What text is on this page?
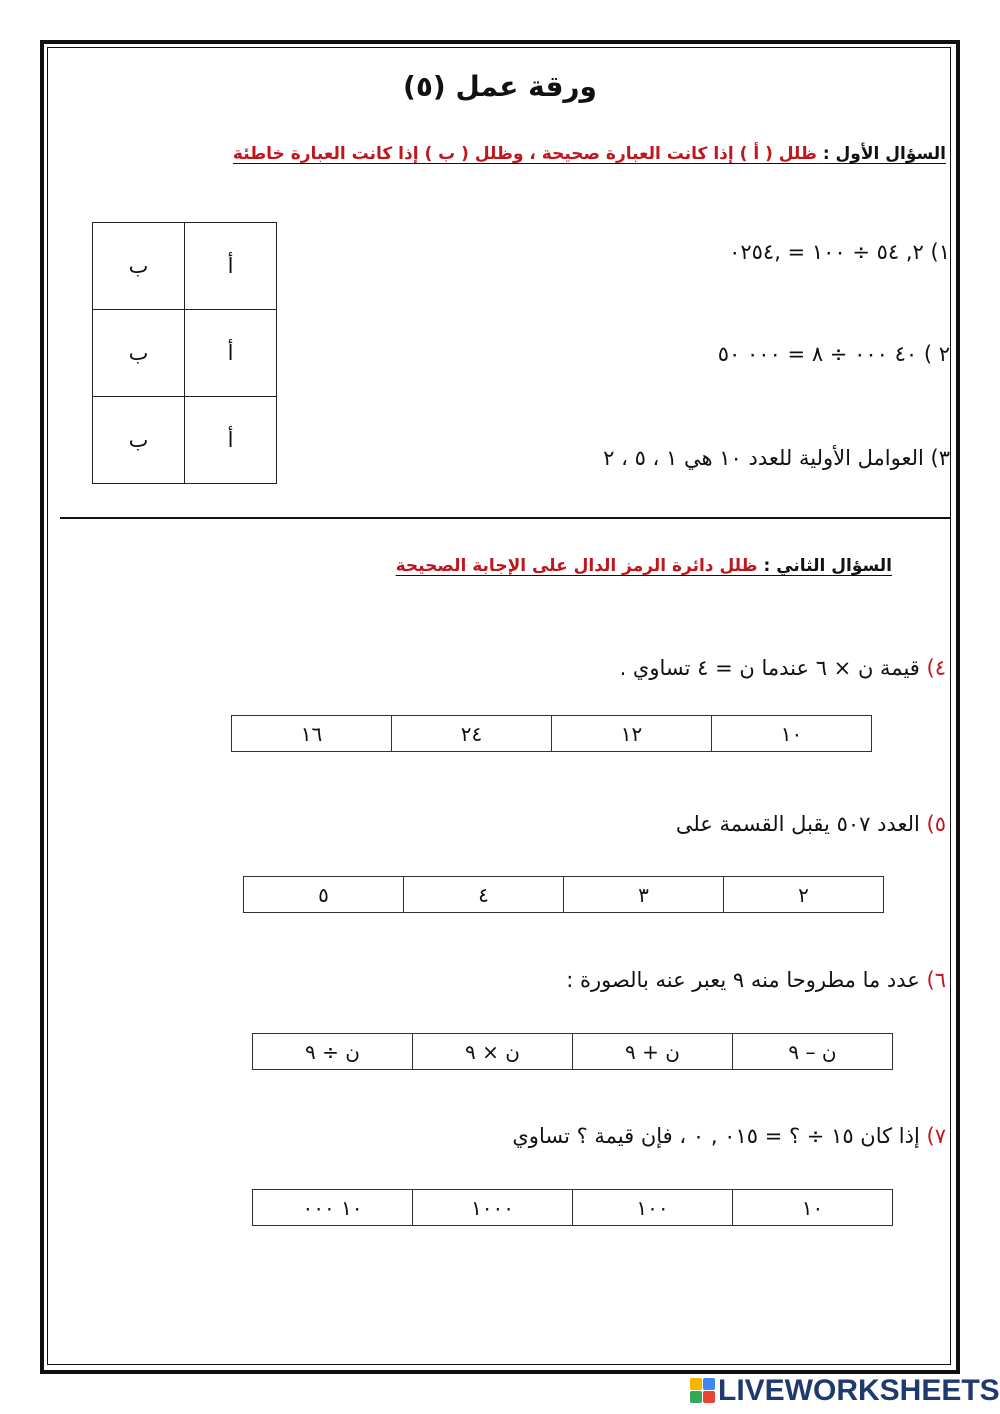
ورقة عمل (٥)
السؤال الأول : ظلل ( أ ) إذا كانت العبارة صحيحة ، وظلل ( ب ) إذا كانت العبارة خاطئة
١) ٢, ٥٤ ÷ ١٠٠ = ,٠٢٥٤
٢ ) ٤٠ ٠٠٠ ÷ ٨ = ٠٠٠ ٥٠
٣) العوامل الأولية للعدد ١٠ هي ١ ، ٥ ، ٢
ب	أ
ب	أ
ب	أ
السؤال الثاني : ظلل دائرة الرمز الدال على الإجابة الصحيحة
٤) قيمة ن × ٦ عندما ن = ٤ تساوي .
١٠	١٢	٢٤	١٦
٥) العدد ٥٠٧ يقبل القسمة على
٢	٣	٤	٥
٦) عدد ما مطروحا منه ٩ يعبر عنه بالصورة :
ن – ٩	ن + ٩	ن × ٩	ن ÷ ٩
٧) إذا كان ١٥ ÷ ؟ = ٠١٥ , ٠ ، فإن قيمة ؟ تساوي
١٠	١٠٠	١٠٠٠	١٠ ٠٠٠
LIVEWORKSHEETS
